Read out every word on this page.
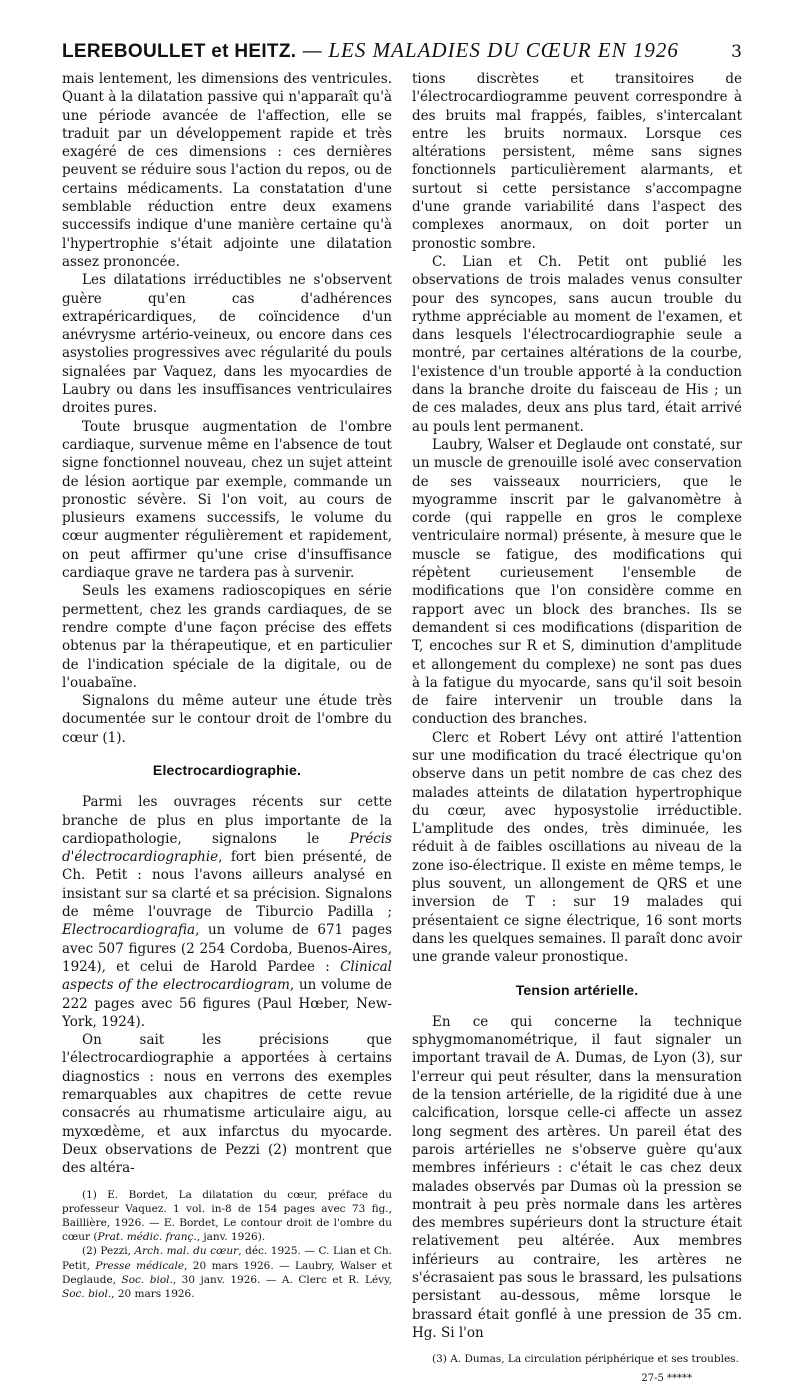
LEREBOULLET et HEITZ. — LES MALADIES DU CŒUR EN 1926	3

mais lentement, les dimensions des ventricules. Quant à la dilatation passive qui n'apparaît qu'à une période avancée de l'affection, elle se traduit par un développement rapide et très exagéré de ces dimensions : ces dernières peuvent se réduire sous l'action du repos, ou de certains médicaments. La constatation d'une semblable réduction entre deux examens successifs indique d'une manière certaine qu'à l'hypertrophie s'était adjointe une dilatation assez prononcée.

Les dilatations irréductibles ne s'observent guère qu'en cas d'adhérences extrapéricardiques, de coïncidence d'un anévrysme artério-veineux, ou encore dans ces asystolies progressives avec régularité du pouls signalées par Vaquez, dans les myocardies de Laubry ou dans les insuffisances ventriculaires droites pures.

Toute brusque augmentation de l'ombre cardiaque, survenue même en l'absence de tout signe fonctionnel nouveau, chez un sujet atteint de lésion aortique par exemple, commande un pronostic sévère. Si l'on voit, au cours de plusieurs examens successifs, le volume du cœur augmenter régulièrement et rapidement, on peut affirmer qu'une crise d'insuffisance cardiaque grave ne tardera pas à survenir.

Seuls les examens radioscopiques en série permettent, chez les grands cardiaques, de se rendre compte d'une façon précise des effets obtenus par la thérapeutique, et en particulier de l'indication spéciale de la digitale, ou de l'ouabaïne.

Signalons du même auteur une étude très documentée sur le contour droit de l'ombre du cœur (1).

Electrocardiographie.

Parmi les ouvrages récents sur cette branche de plus en plus importante de la cardiopathologie, signalons le Précis d'électrocardiographie, fort bien présenté, de Ch. Petit : nous l'avons ailleurs analysé en insistant sur sa clarté et sa précision. Signalons de même l'ouvrage de Tiburcio Padilla ; Electrocardiografia, un volume de 671 pages avec 507 figures (2 254 Cordoba, Buenos-Aires, 1924), et celui de Harold Pardee : Clinical aspects of the electrocardiogram, un volume de 222 pages avec 56 figures (Paul Hœber, New-York, 1924).

On sait les précisions que l'électrocardiographie a apportées à certains diagnostics : nous en verrons des exemples remarquables aux chapitres de cette revue consacrés au rhumatisme articulaire aigu, au myxœdème, et aux infarctus du myocarde. Deux observations de Pezzi (2) montrent que des altéra-

(1) E. Bordet, La dilatation du cœur, préface du professeur Vaquez. 1 vol. in-8 de 154 pages avec 73 fig., Baillière, 1926. — E. Bordet, Le contour droit de l'ombre du cœur (Prat. médic. franç., janv. 1926).

(2) Pezzi, Arch. mal. du cœur, déc. 1925. — C. Lian et Ch. Petit, Presse médicale, 20 mars 1926. — Laubry, Walser et Deglaude, Soc. biol., 30 janv. 1926. — A. Clerc et R. Lévy, Soc. biol., 20 mars 1926.

tions discrètes et transitoires de l'électrocardiogramme peuvent correspondre à des bruits mal frappés, faibles, s'intercalant entre les bruits normaux. Lorsque ces altérations persistent, même sans signes fonctionnels particulièrement alarmants, et surtout si cette persistance s'accompagne d'une grande variabilité dans l'aspect des complexes anormaux, on doit porter un pronostic sombre.

C. Lian et Ch. Petit ont publié les observations de trois malades venus consulter pour des syncopes, sans aucun trouble du rythme appréciable au moment de l'examen, et dans lesquels l'électrocardiographie seule a montré, par certaines altérations de la courbe, l'existence d'un trouble apporté à la conduction dans la branche droite du faisceau de His ; un de ces malades, deux ans plus tard, était arrivé au pouls lent permanent.

Laubry, Walser et Deglaude ont constaté, sur un muscle de grenouille isolé avec conservation de ses vaisseaux nourriciers, que le myogramme inscrit par le galvanomètre à corde (qui rappelle en gros le complexe ventriculaire normal) présente, à mesure que le muscle se fatigue, des modifications qui répètent curieusement l'ensemble de modifications que l'on considère comme en rapport avec un block des branches. Ils se demandent si ces modifications (disparition de T, encoches sur R et S, diminution d'amplitude et allongement du complexe) ne sont pas dues à la fatigue du myocarde, sans qu'il soit besoin de faire intervenir un trouble dans la conduction des branches.

Clerc et Robert Lévy ont attiré l'attention sur une modification du tracé électrique qu'on observe dans un petit nombre de cas chez des malades atteints de dilatation hypertrophique du cœur, avec hyposystolie irréductible. L'amplitude des ondes, très diminuée, les réduit à de faibles oscillations au niveau de la zone iso-électrique. Il existe en même temps, le plus souvent, un allongement de QRS et une inversion de T : sur 19 malades qui présentaient ce signe électrique, 16 sont morts dans les quelques semaines. Il paraît donc avoir une grande valeur pronostique.

Tension artérielle.

En ce qui concerne la technique sphygmomanométrique, il faut signaler un important travail de A. Dumas, de Lyon (3), sur l'erreur qui peut résulter, dans la mensuration de la tension artérielle, de la rigidité due à une calcification, lorsque celle-ci affecte un assez long segment des artères. Un pareil état des parois artérielles ne s'observe guère qu'aux membres inférieurs : c'était le cas chez deux malades observés par Dumas où la pression se montrait à peu près normale dans les artères des membres supérieurs dont la structure était relativement peu altérée. Aux membres inférieurs au contraire, les artères ne s'écrasaient pas sous le brassard, les pulsations persistant au-dessous, même lorsque le brassard était gonflé à une pression de 35 cm. Hg. Si l'on

(3) A. Dumas, La circulation périphérique et ses troubles.

27-5 *****
